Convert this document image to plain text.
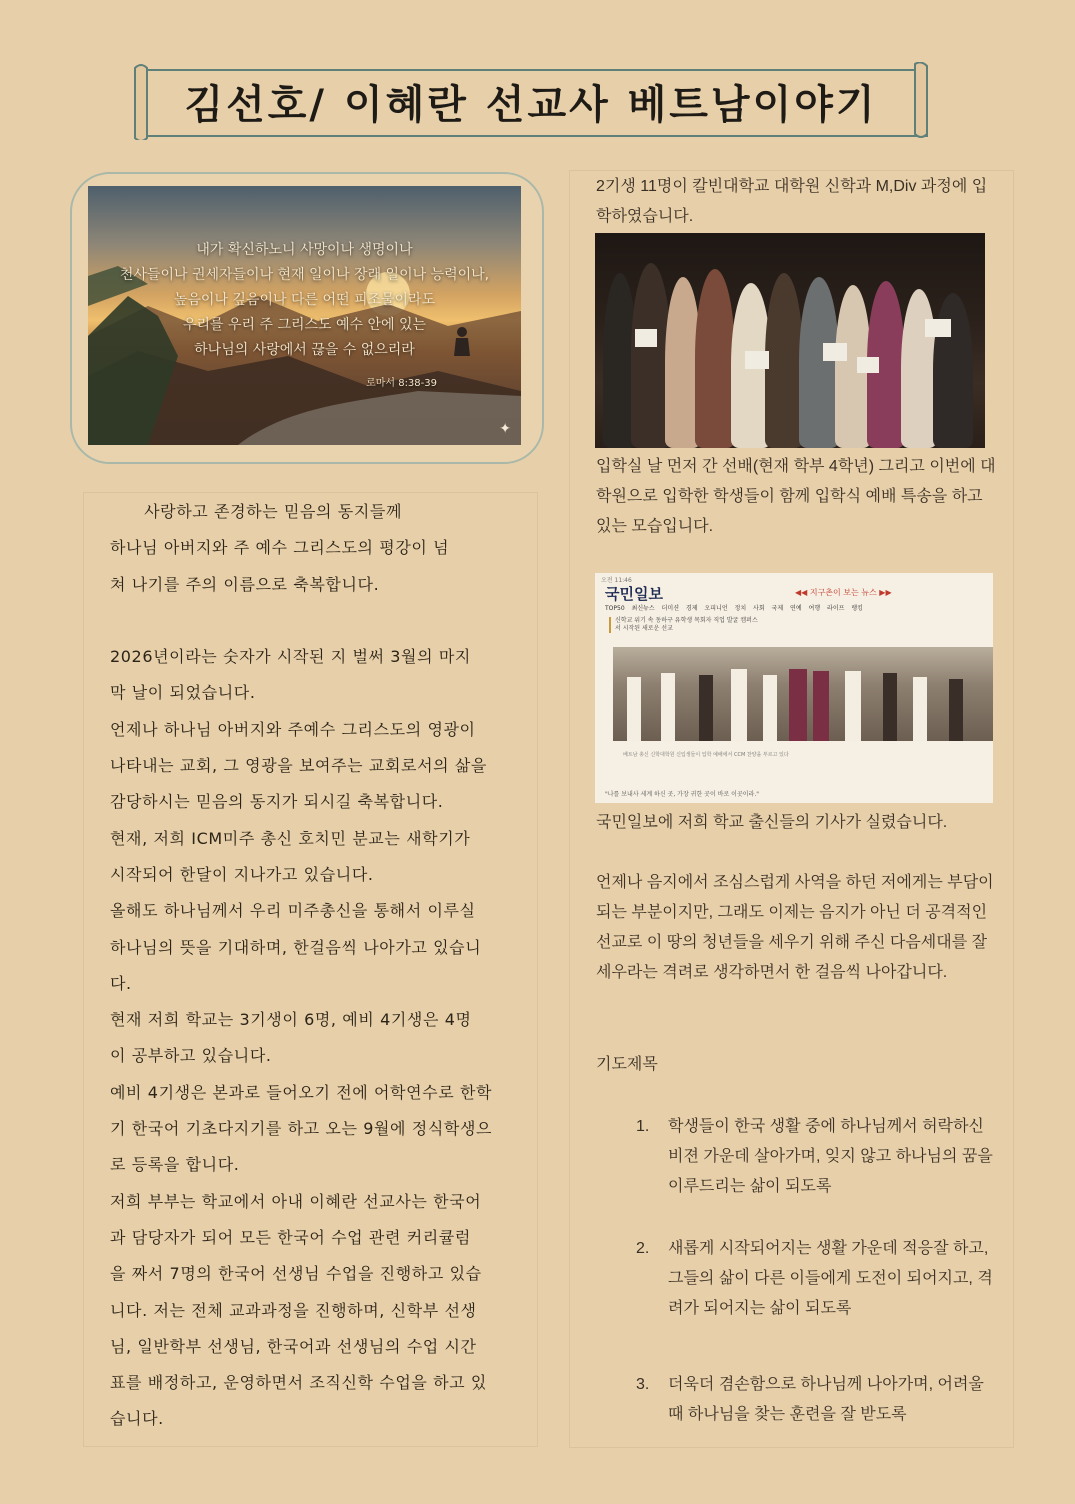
김선호/ 이혜란 선교사 베트남이야기
내가 확신하노니 사망이나 생명이나
천사들이나 권세자들이나 현재 일이나 장래 일이나 능력이나,
높음이나 깊음이나 다른 어떤 피조물이라도
우리를 우리 주 그리스도 예수 안에 있는
하나님의 사랑에서 끊을 수 없으리라
로마서 8:38-39
✦
사랑하고 존경하는 믿음의 동지들께
하나님 아버지와 주 예수 그리스도의 평강이 넘
쳐 나기를 주의 이름으로 축복합니다.

2026년이라는 숫자가 시작된 지 벌써 3월의 마지
막 날이 되었습니다.
언제나 하나님 아버지와 주예수 그리스도의 영광이
나타내는 교회, 그 영광을 보여주는 교회로서의 삶을
감당하시는 믿음의 동지가 되시길 축복합니다.
현재, 저희 ICM미주 총신 호치민 분교는 새학기가
시작되어 한달이 지나가고 있습니다.
올해도 하나님께서 우리 미주총신을 통해서 이루실
하나님의 뜻을 기대하며, 한걸음씩 나아가고 있습니
다.
현재 저희 학교는 3기생이 6명, 예비 4기생은 4명
이 공부하고 있습니다.
예비 4기생은 본과로 들어오기 전에 어학연수로 한학
기 한국어 기초다지기를 하고 오는 9월에 정식학생으
로 등록을 합니다.
저희 부부는 학교에서 아내 이혜란 선교사는 한국어
과 담당자가 되어 모든 한국어 수업 관련 커리큘럼
을 짜서 7명의 한국어 선생님 수업을 진행하고 있습
니다. 저는 전체 교과과정을 진행하며, 신학부 선생
님, 일반학부 선생님, 한국어과 선생님의 수업 시간
표를 배정하고, 운영하면서 조직신학 수업을 하고 있
습니다.
2기생 11명이 칼빈대학교 대학원 신학과 M,Div 과정에 입학하였습니다.
입학실 날 먼저 간 선배(현재 학부 4학년) 그리고 이번에 대학원으로 입학한 학생들이 함께 입학식 예배 특송을 하고 있는 모습입니다.
오전 11:46
국민일보	◀◀ 지구촌이 보는 뉴스 ▶▶
TOP50 최신뉴스 더미션 경제 오피니언 정치 사회 국제 연예 여행 라이프 랭킹
신학교 위기 속 동하구 유학생 목회자 직업 발굴 캠퍼스서 시작된 새로운 선교
베트남 총신 신학대학원 신입생들이 입학 예배에서 CCM 찬양을 부르고 있다
"나를 보내사 세계 하신 곳, 가장 귀한 곳이 바로 이곳이라."
국민일보에 저희 학교 출신들의 기사가 실렸습니다.
언제나 음지에서 조심스럽게 사역을 하던 저에게는 부담이 되는 부분이지만, 그래도 이제는 음지가 아닌 더 공격적인 선교로 이 땅의 청년들을 세우기 위해 주신 다음세대를 잘 세우라는 격려로 생각하면서 한 걸음씩 나아갑니다.
기도제목
1. 학생들이 한국 생활 중에 하나님께서 허락하신 비젼 가운데 살아가며, 잊지 않고 하나님의 꿈을 이루드리는 삶이 되도록
2. 새롭게 시작되어지는 생활 가운데 적응잘 하고, 그들의 삶이 다른 이들에게 도전이 되어지고, 격려가 되어지는 삶이 되도록
3. 더욱더 겸손함으로 하나님께 나아가며, 어려울 때 하나님을 찾는 훈련을 잘 받도록
